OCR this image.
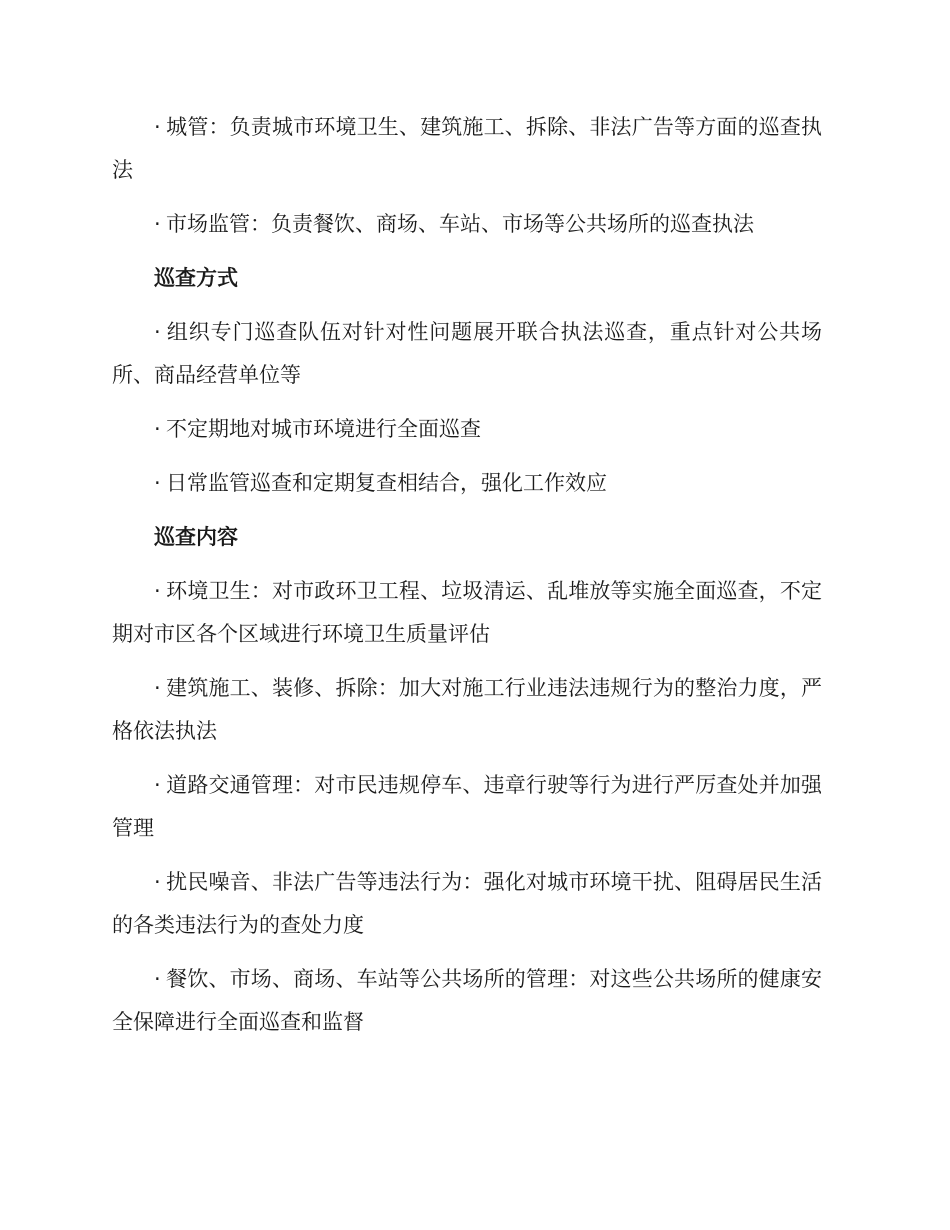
· 城管：负责城市环境卫生、建筑施工、拆除、非法广告等方面的巡查执法

· 市场监管：负责餐饮、商场、车站、市场等公共场所的巡查执法

巡查方式

· 组织专门巡查队伍对针对性问题展开联合执法巡查，重点针对公共场所、商品经营单位等

· 不定期地对城市环境进行全面巡查

· 日常监管巡查和定期复查相结合，强化工作效应

巡查内容

· 环境卫生：对市政环卫工程、垃圾清运、乱堆放等实施全面巡查，不定期对市区各个区域进行环境卫生质量评估

· 建筑施工、装修、拆除：加大对施工行业违法违规行为的整治力度，严格依法执法

· 道路交通管理：对市民违规停车、违章行驶等行为进行严厉查处并加强管理

· 扰民噪音、非法广告等违法行为：强化对城市环境干扰、阻碍居民生活的各类违法行为的查处力度

· 餐饮、市场、商场、车站等公共场所的管理：对这些公共场所的健康安全保障进行全面巡查和监督
